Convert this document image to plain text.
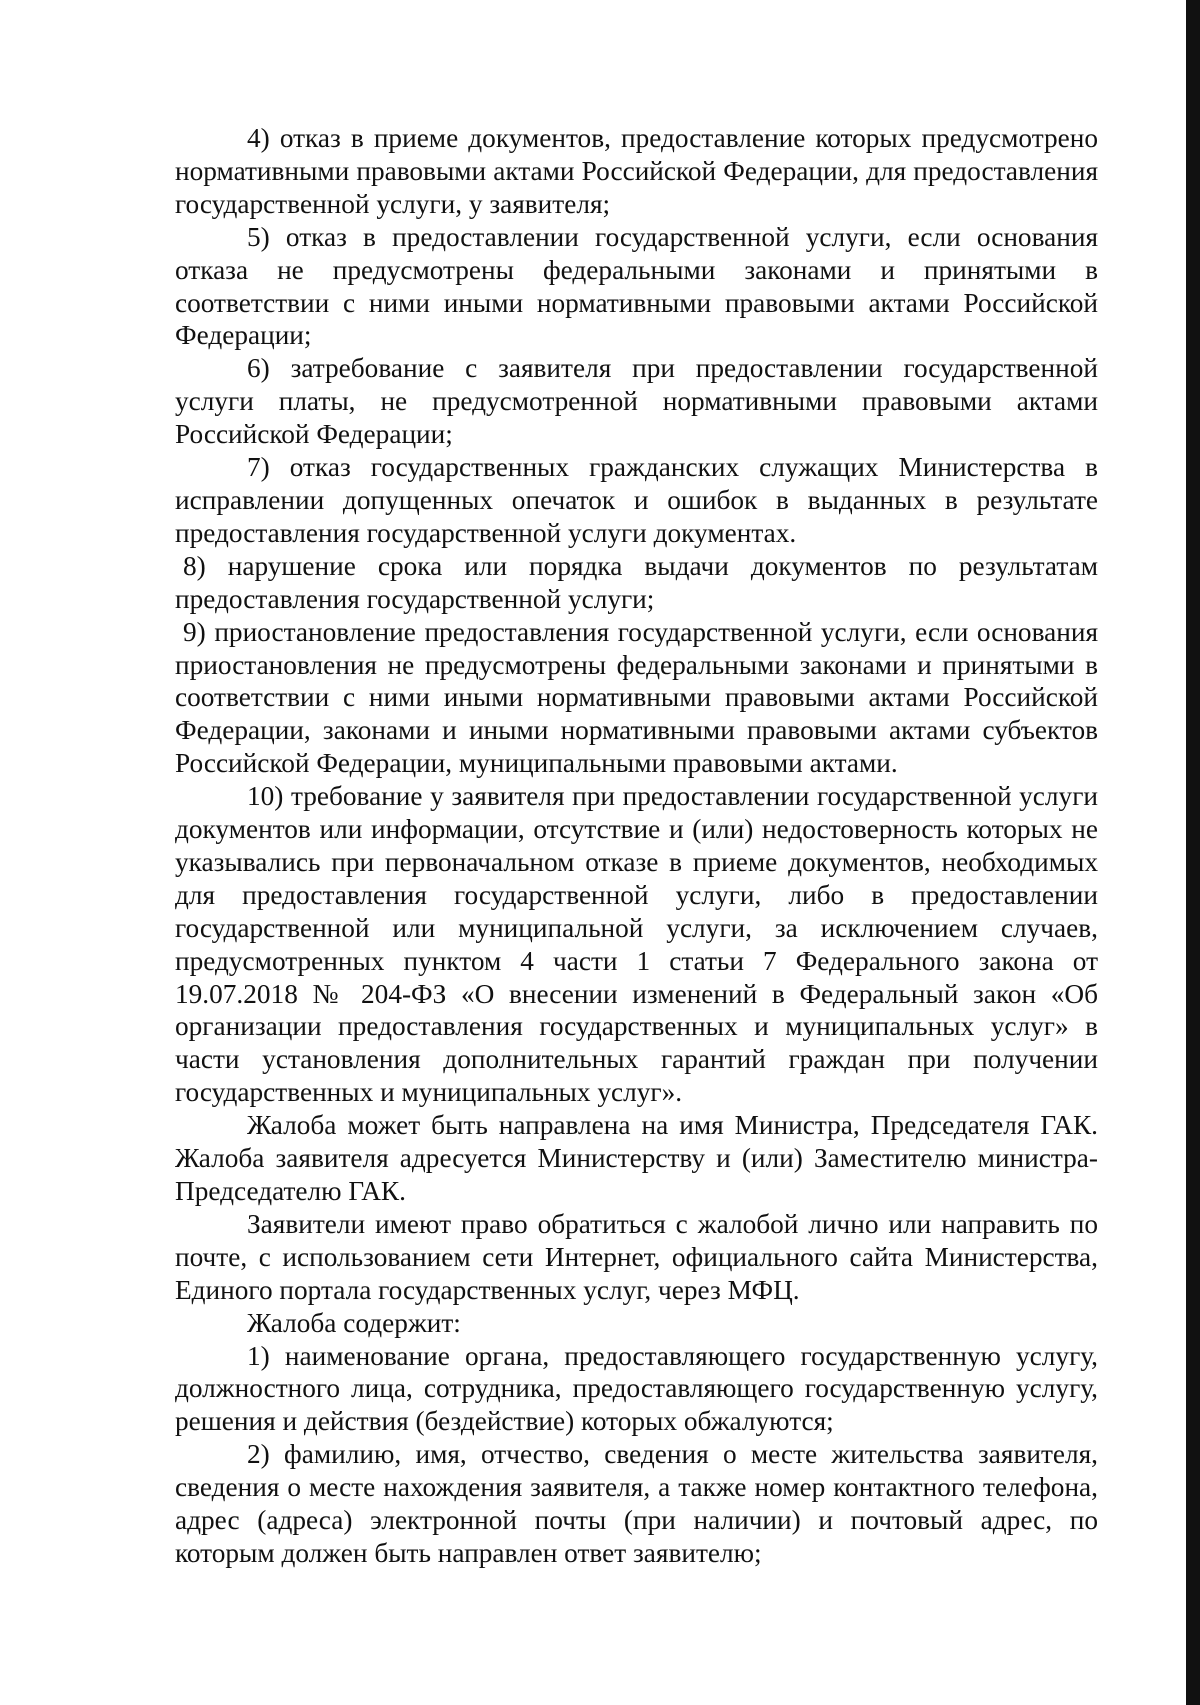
4) отказ в приеме документов, предоставление которых предусмотрено нормативными правовыми актами Российской Федерации, для предоставления государственной услуги, у заявителя;

5) отказ в предоставлении государственной услуги, если основания отказа не предусмотрены федеральными законами и принятыми в соответствии с ними иными нормативными правовыми актами Российской Федерации;

6) затребование с заявителя при предоставлении государственной услуги платы, не предусмотренной нормативными правовыми актами Российской Федерации;

7) отказ государственных гражданских служащих Министерства в исправлении допущенных опечаток и ошибок в выданных в результате предоставления государственной услуги документах.

8) нарушение срока или порядка выдачи документов по результатам предоставления государственной услуги;

9) приостановление предоставления государственной услуги, если основания приостановления не предусмотрены федеральными законами и принятыми в соответствии с ними иными нормативными правовыми актами Российской Федерации, законами и иными нормативными правовыми актами субъектов Российской Федерации, муниципальными правовыми актами.

10) требование у заявителя при предоставлении государственной услуги документов или информации, отсутствие и (или) недостоверность которых не указывались при первоначальном отказе в приеме документов, необходимых для предоставления государственной услуги, либо в предоставлении государственной или муниципальной услуги, за исключением случаев, предусмотренных пунктом 4 части 1 статьи 7 Федерального закона от 19.07.2018 № 204-ФЗ «О внесении изменений в Федеральный закон «Об организации предоставления государственных и муниципальных услуг» в части установления дополнительных гарантий граждан при получении государственных и муниципальных услуг».

Жалоба может быть направлена на имя Министра, Председателя ГАК. Жалоба заявителя адресуется Министерству и (или) Заместителю министра-Председателю ГАК.

Заявители имеют право обратиться с жалобой лично или направить по почте, с использованием сети Интернет, официального сайта Министерства, Единого портала государственных услуг, через МФЦ.

Жалоба содержит:

1) наименование органа, предоставляющего государственную услугу, должностного лица, сотрудника, предоставляющего государственную услугу, решения и действия (бездействие) которых обжалуются;

2) фамилию, имя, отчество, сведения о месте жительства заявителя, сведения о месте нахождения заявителя, а также номер контактного телефона, адрес (адреса) электронной почты (при наличии) и почтовый адрес, по которым должен быть направлен ответ заявителю;
